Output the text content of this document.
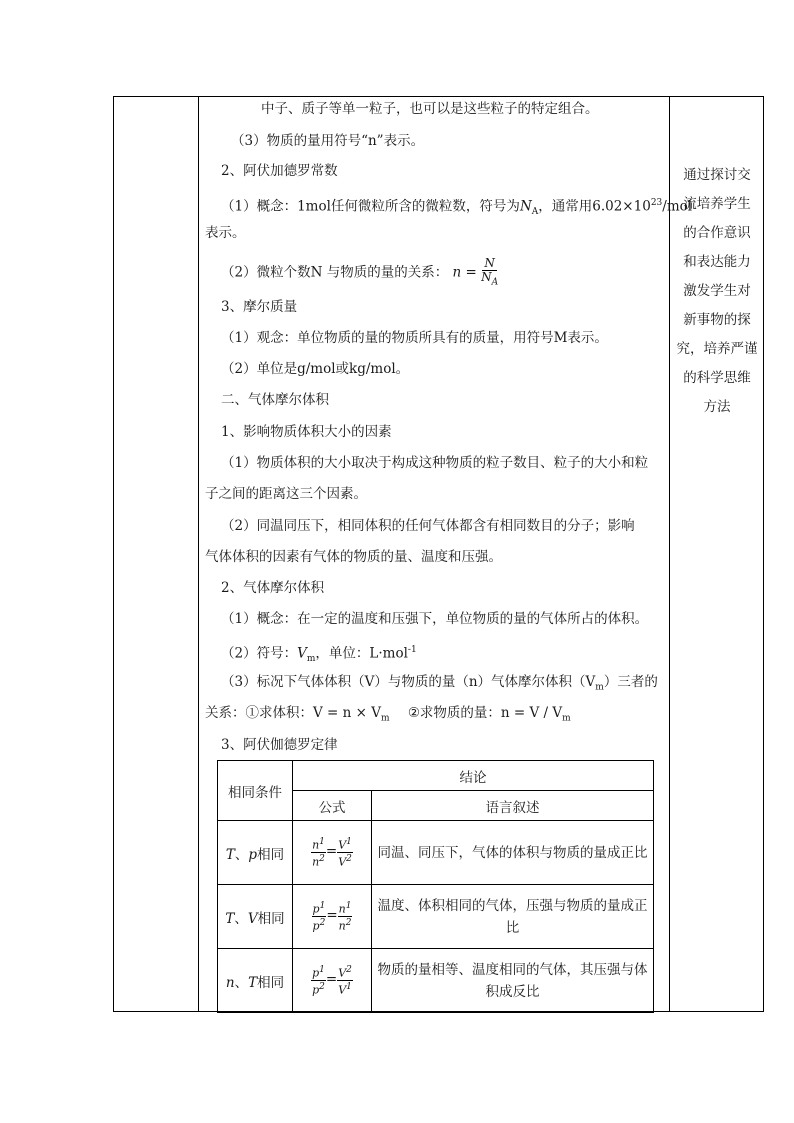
中子、质子等单一粒子，也可以是这些粒子的特定组合。
（3）物质的量用符号“n”表示。
2、阿伏加德罗常数
（1）概念：1mol任何微粒所含的微粒数，符号为$N_A$，通常用$6.02\times 10^{23}$/mol
表示。
（2）微粒个数N 与物质的量的关系： $n = \frac{N}{N_A}$
3、摩尔质量
（1）观念：单位物质的量的物质所具有的质量，用符号M表示。
（2）单位是g/mol或kg/mol。
二、气体摩尔体积
1、影响物质体积大小的因素
（1）物质体积的大小取决于构成这种物质的粒子数目、粒子的大小和粒
子之间的距离这三个因素。
（2）同温同压下，相同体积的任何气体都含有相同数目的分子；影响
气体体积的因素有气体的物质的量、温度和压强。
2、气体摩尔体积
（1）概念：在一定的温度和压强下，单位物质的量的气体所占的体积。
（2）符号：$V_m$，单位：L·mol$^{-1}$
（3）标况下气体体积（V）与物质的量（n）气体摩尔体积$(V_m)$三者的
关系：①求体积：$V = n \times V_m$ ②求物质的量：$n = V / V_m$
3、阿伏伽德罗定律
相同条件	结论	
	公式	语言叙述
T、p相同	$\frac{n^1}{n^2} = \frac{V^1}{V^2}$	同温、同压下，气体的体积与物质的量成正比
T、V相同	$\frac{p^1}{p^2} = \frac{n^1}{n^2}$	温度、体积相同的气体，压强与物质的量成正比
n、T相同	$\frac{p^1}{p^2} = \frac{V^2}{V^1}$	物质的量相等、温度相同的气体，其压强与体积成反比
通过探讨交
流培养学生
的合作意识
和表达能力
激发学生对
新事物的探
究，培养严谨
的科学思维
方法
